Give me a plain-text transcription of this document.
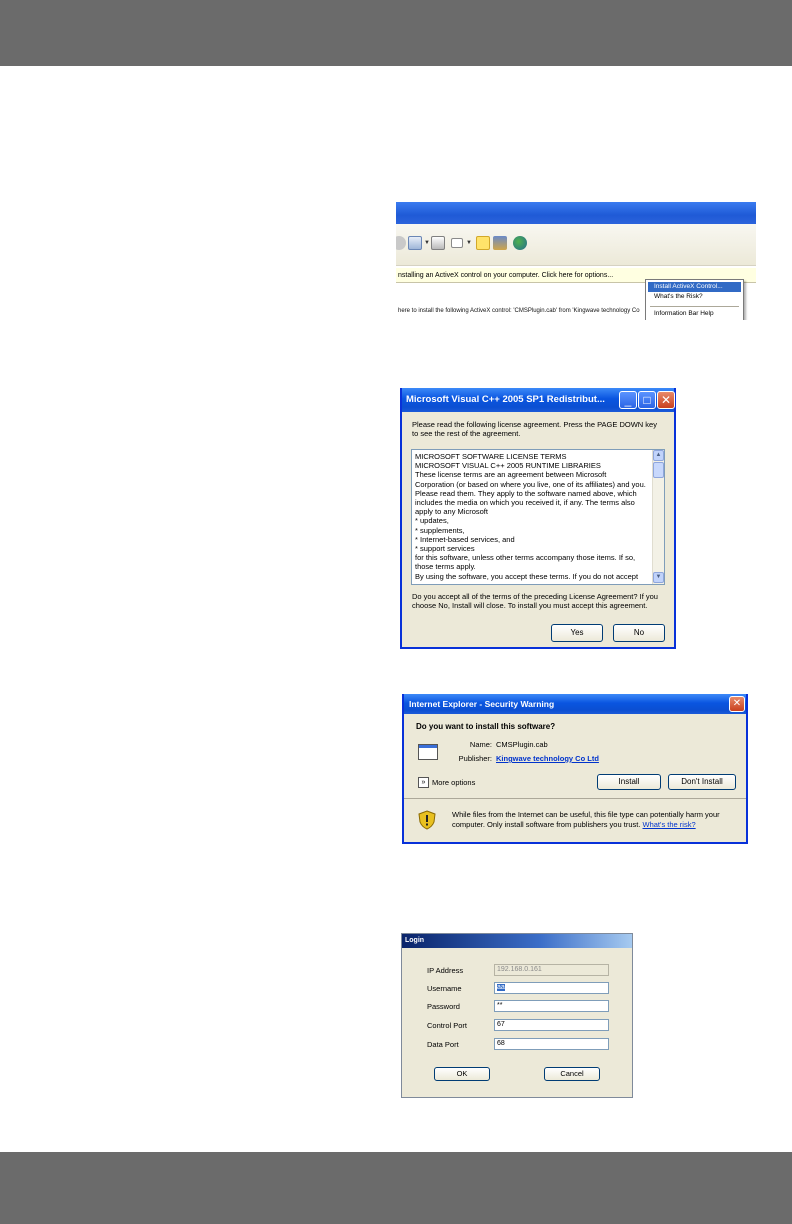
▼	▼
nstalling an ActiveX control on your computer. Click here for options...
here to install the following ActiveX control: 'CMSPlugin.cab' from 'Kingwave technology Co
Install ActiveX Control...
What's the Risk?
Information Bar Help
Microsoft Visual C++ 2005 SP1 Redistribut...	_	□ ✕
Please read the following license agreement. Press the PAGE DOWN key to see the rest of the agreement.
MICROSOFT SOFTWARE LICENSE TERMS
MICROSOFT VISUAL C++ 2005 RUNTIME LIBRARIES
These license terms are an agreement between Microsoft
Corporation (or based on where you live, one of its affiliates) and you.
Please read them. They apply to the software named above, which
includes the media on which you received it, if any. The terms also
apply to any Microsoft
* updates,
* supplements,
* Internet-based services, and
* support services
for this software, unless other terms accompany those items. If so,
those terms apply.
By using the software, you accept these terms. If you do not accept
▲
▼
Do you accept all of the terms of the preceding License Agreement? If you choose No, Install will close. To install you must accept this agreement.
Yes	No
Internet Explorer - Security Warning	✕
Do you want to install this software?
Name: CMSPlugin.cab
Publisher: Kingwave technology Co Ltd
» More options	Install	Don't Install
While files from the Internet can be useful, this file type can potentially harm your computer. Only install software from publishers you trust. What's the risk?
Login
IP Address	192.168.0.161
Username	aa
Password	**
Control Port	67
Data Port	68
OK	Cancel
